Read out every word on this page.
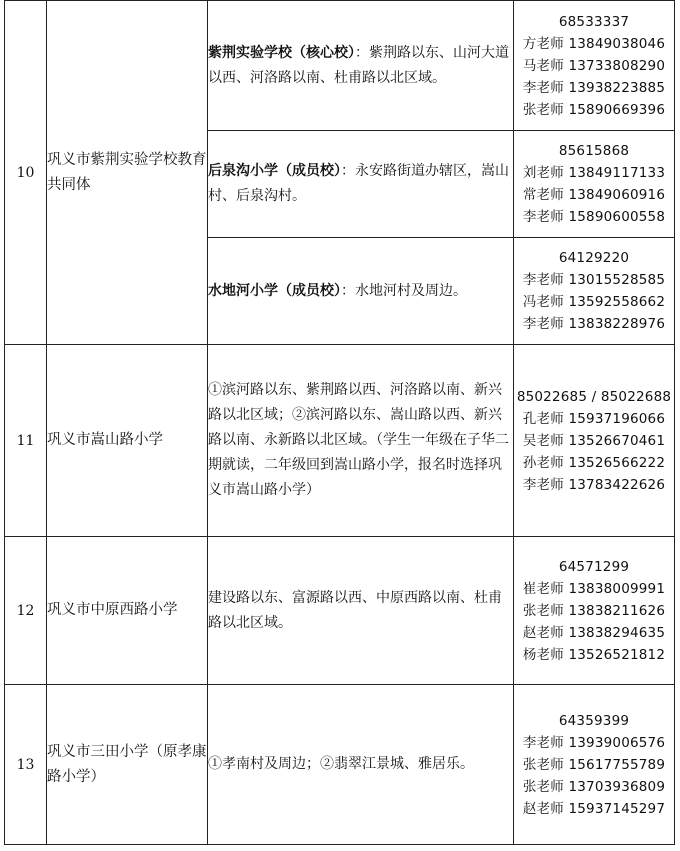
10	巩义市紫荆实验学校教育共同体	紫荆实验学校（核心校）：紫荆路以东、山河大道以西、河洛路以南、杜甫路以北区域。	68533337
方老师 13849038046
马老师 13733808290
李老师 13938223885
张老师 15890669396

		后泉沟小学（成员校）：永安路街道办辖区，嵩山村、后泉沟村。	85615868
刘老师 13849117133
常老师 13849060916
李老师 15890600558

		水地河小学（成员校）：水地河村及周边。	64129220
李老师 13015528585
冯老师 13592558662
李老师 13838228976

11	巩义市嵩山路小学	①滨河路以东、紫荆路以西、河洛路以南、新兴路以北区域；②滨河路以东、嵩山路以西、新兴路以南、永新路以北区域。（学生一年级在子华二期就读，二年级回到嵩山路小学，报名时选择巩义市嵩山路小学）	85022685 / 85022688
孔老师 15937196066
吴老师 13526670461
孙老师 13526566222
李老师 13783422626

12	巩义市中原西路小学	建设路以东、富源路以西、中原西路以南、杜甫路以北区域。	64571299
崔老师 13838009991
张老师 13838211626
赵老师 13838294635
杨老师 13526521812

13	巩义市三田小学（原孝康路小学）	①孝南村及周边；②翡翠江景城、雅居乐。	64359399
李老师 13939006576
张老师 15617755789
张老师 13703936809
赵老师 15937145297
